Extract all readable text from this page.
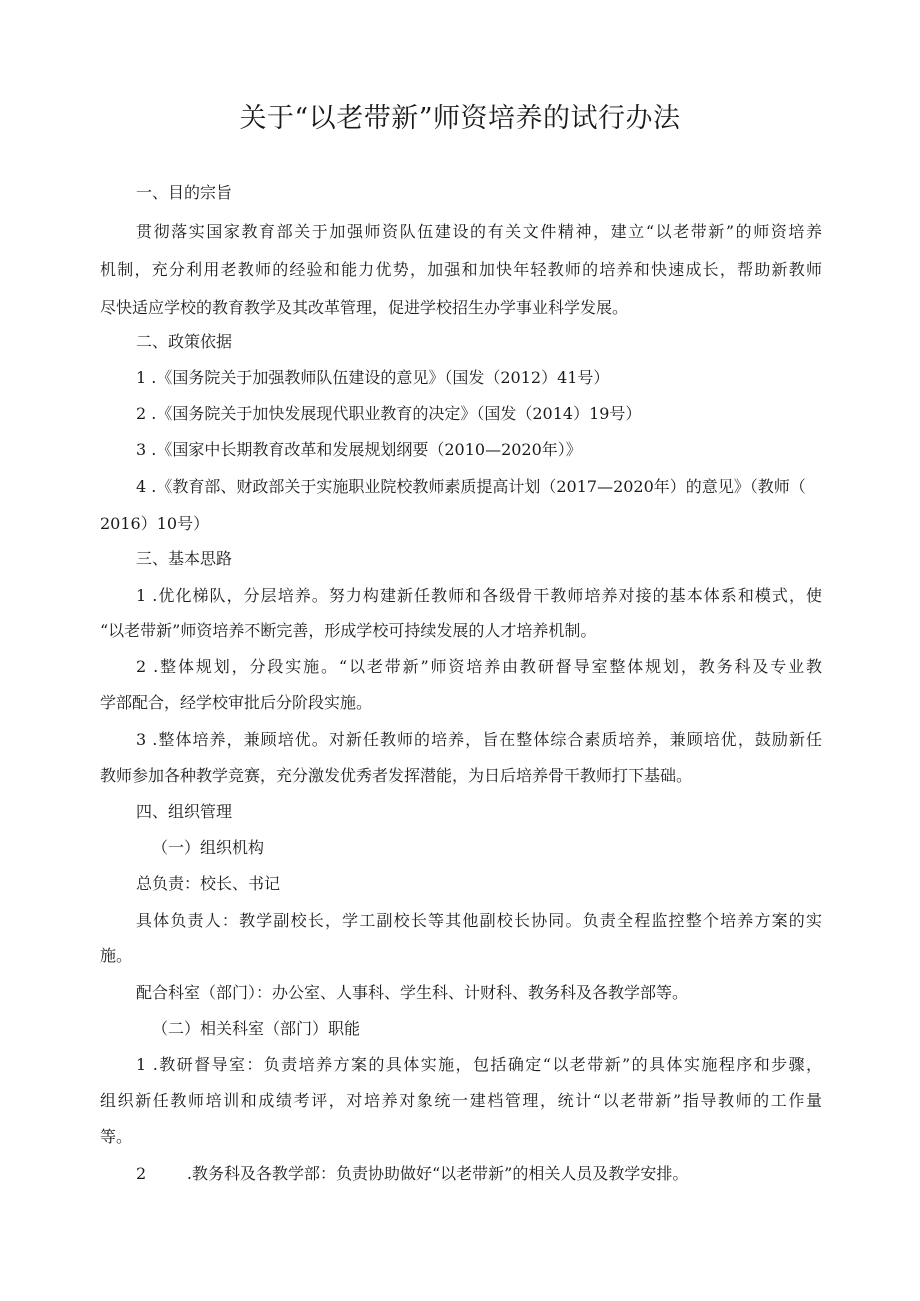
关于“以老带新”师资培养的试行办法
一、目的宗旨
贯彻落实国家教育部关于加强师资队伍建设的有关文件精神，建立“以老带新”的师资培养
机制，充分利用老教师的经验和能力优势，加强和加快年轻教师的培养和快速成长，帮助新教师
尽快适应学校的教育教学及其改革管理，促进学校招生办学事业科学发展。
二、政策依据
1 .《国务院关于加强教师队伍建设的意见》（国发（2012）41号）
2 .《国务院关于加快发展现代职业教育的决定》（国发（2014）19号）
3 .《国家中长期教育改革和发展规划纲要（2010—2020年）》
4 .《教育部、财政部关于实施职业院校教师素质提高计划（2017—2020年）的意见》（教师（
2016）10号）
三、基本思路
1 .优化梯队，分层培养。努力构建新任教师和各级骨干教师培养对接的基本体系和模式，使
“以老带新”师资培养不断完善，形成学校可持续发展的人才培养机制。
2 .整体规划，分段实施。“以老带新”师资培养由教研督导室整体规划，教务科及专业教
学部配合，经学校审批后分阶段实施。
3 .整体培养，兼顾培优。对新任教师的培养，旨在整体综合素质培养，兼顾培优，鼓励新任
教师参加各种教学竞赛，充分激发优秀者发挥潜能，为日后培养骨干教师打下基础。
四、组织管理
（一）组织机构
总负责：校长、书记
具体负责人：教学副校长，学工副校长等其他副校长协同。负责全程监控整个培养方案的实
施。
配合科室（部门）：办公室、人事科、学生科、计财科、教务科及各教学部等。
（二）相关科室（部门）职能
1 .教研督导室：负责培养方案的具体实施，包括确定“以老带新”的具体实施程序和步骤，
组织新任教师培训和成绩考评，对培养对象统一建档管理，统计“以老带新”指导教师的工作量
等。
2        .教务科及各教学部：负责协助做好“以老带新”的相关人员及教学安排。
